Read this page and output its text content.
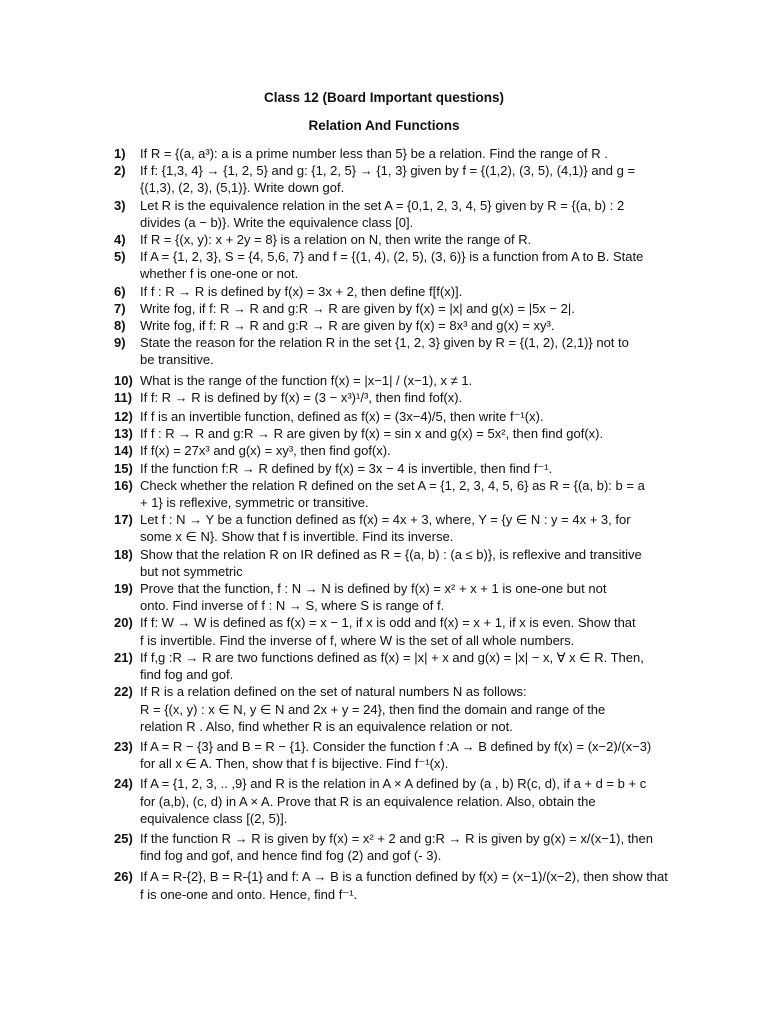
Class 12 (Board Important questions)
Relation And Functions
1)	If R = {(a, a³): a is a prime number less than 5} be a relation. Find the range of R .
2)	If f: {1,3, 4} → {1, 2, 5} and g: {1, 2, 5} → {1, 3} given by f = {(1,2), (3, 5), (4,1)} and g =
{(1,3), (2, 3), (5,1)}. Write down gof.
3)	Let R is the equivalence relation in the set A = {0,1, 2, 3, 4, 5} given by R = {(a, b) : 2
divides (a − b)}. Write the equivalence class [0].
4)	If R = {(x, y): x + 2y = 8} is a relation on N, then write the range of R.
5)	If A = {1, 2, 3}, S = {4, 5,6, 7} and f = {(1, 4), (2, 5), (3, 6)} is a function from A to B. State
whether f is one-one or not.
6)	If f : R → R is defined by f(x) = 3x + 2, then define f[f(x)].
7)	Write fog, if f: R → R and g:R → R are given by f(x) = |x| and g(x) = |5x − 2|.
8)	Write fog, if f: R → R and g:R → R are given by f(x) = 8x³ and g(x) = xy³.
9)	State the reason for the relation R in the set {1, 2, 3} given by R = {(1, 2), (2,1)} not to
be transitive.
10) What is the range of the function f(x) = |x−1| / (x−1), x ≠ 1.
11) If f: R → R is defined by f(x) = (3 − x³)¹/³, then find fof(x).
12) If f is an invertible function, defined as f(x) = (3x−4)/5, then write f⁻¹(x).
13) If f : R → R and g:R → R are given by f(x) = sin x and g(x) = 5x², then find gof(x).
14) If f(x) = 27x³ and g(x) = xy³, then find gof(x).
15) If the function f:R → R defined by f(x) = 3x − 4 is invertible, then find f⁻¹.
16) Check whether the relation R defined on the set A = {1, 2, 3, 4, 5, 6} as R = {(a, b): b = a
+ 1} is reflexive, symmetric or transitive.
17) Let f : N → Y be a function defined as f(x) = 4x + 3, where, Y = {y ∈ N : y = 4x + 3, for
some x ∈ N}. Show that f is invertible. Find its inverse.
18) Show that the relation R on IR defined as R = {(a, b) : (a ≤ b)}, is reflexive and transitive
but not symmetric
19) Prove that the function, f : N → N is defined by f(x) = x² + x + 1 is one-one but not
onto. Find inverse of f : N → S, where S is range of f.
20) If f: W → W is defined as f(x) = x − 1, if x is odd and f(x) = x + 1, if x is even. Show that
f is invertible. Find the inverse of f, where W is the set of all whole numbers.
21) If f,g :R → R are two functions defined as f(x) = |x| + x and g(x) = |x| − x, ∀ x ∈ R. Then,
find fog and gof.
22) If R is a relation defined on the set of natural numbers N as follows:
R = {(x, y) : x ∈ N, y ∈ N and 2x + y = 24}, then find the domain and range of the
relation R . Also, find whether R is an equivalence relation or not.
23) If A = R − {3} and B = R − {1}. Consider the function f :A → B defined by f(x) = (x−2)/(x−3)
for all x ∈ A. Then, show that f is bijective. Find f⁻¹(x).
24) If A = {1, 2, 3, .. ,9} and R is the relation in A × A defined by (a , b) R(c, d), if a + d = b + c
for (a,b), (c, d) in A × A. Prove that R is an equivalence relation. Also, obtain the
equivalence class [(2, 5)].
25) If the function R → R is given by f(x) = x² + 2 and g:R → R is given by g(x) = x/(x−1), then
find fog and gof, and hence find fog (2) and gof (- 3).
26) If A = R-{2}, B = R-{1} and f: A → B is a function defined by f(x) = (x−1)/(x−2), then show that
f is one-one and onto. Hence, find f⁻¹.
